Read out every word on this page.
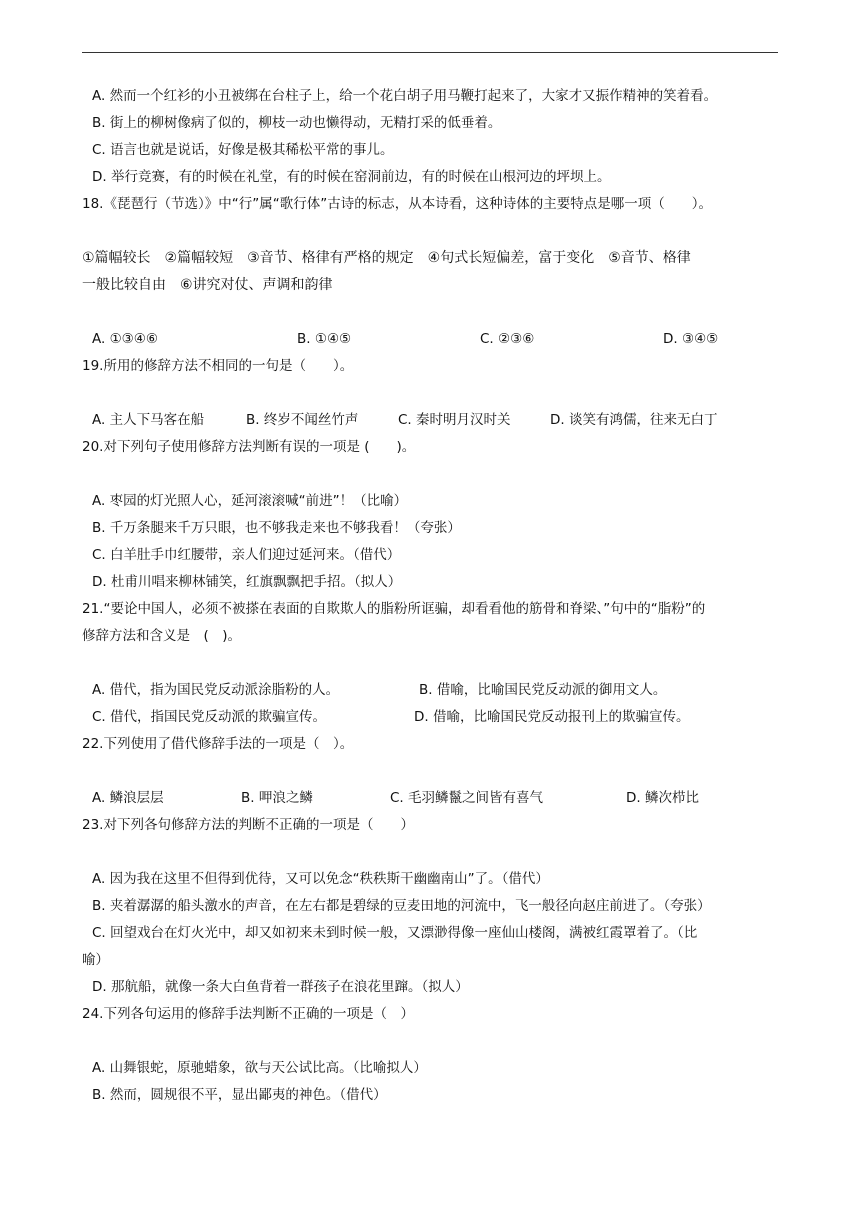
A. 然而一个红衫的小丑被绑在台柱子上，给一个花白胡子用马鞭打起来了，大家才又振作精神的笑着看。
B. 街上的柳树像病了似的，柳枝一动也懒得动，无精打采的低垂着。
C. 语言也就是说话，好像是极其稀松平常的事儿。
D. 举行竞赛，有的时候在礼堂，有的时候在窑洞前边，有的时候在山根河边的坪坝上。
18.《琵琶行（节选）》中“行”属“歌行体”古诗的标志，从本诗看，这种诗体的主要特点是哪一项（　　）。
①篇幅较长　②篇幅较短　③音节、格律有严格的规定　④句式长短偏差，富于变化　⑤音节、格律
一般比较自由　⑥讲究对仗、声调和韵律
A. ①③④⑥	B. ①④⑤	C. ②③⑥	D. ③④⑤
19.所用的修辞方法不相同的一句是（　　）。
A. 主人下马客在船	B. 终岁不闻丝竹声	C. 秦时明月汉时关	D. 谈笑有鸿儒，往来无白丁
20.对下列句子使用修辞方法判断有误的一项是 (　　)。
A. 枣园的灯光照人心，延河滚滚喊“前进”！（比喻）
B. 千万条腿来千万只眼，也不够我走来也不够我看！（夸张）
C. 白羊肚手巾红腰带，亲人们迎过延河来。（借代）
D. 杜甫川唱来柳林铺笑，红旗飘飘把手招。（拟人）
21.“要论中国人，必须不被搽在表面的自欺欺人的脂粉所诓骗，却看看他的筋骨和脊梁、”句中的“脂粉”的
修辞方法和含义是　(　)。
A. 借代，指为国民党反动派涂脂粉的人。	B. 借喻，比喻国民党反动派的御用文人。
C. 借代，指国民党反动派的欺骗宣传。	D. 借喻，比喻国民党反动报刊上的欺骗宣传。
22.下列使用了借代修辞手法的一项是（　）。
A. 鳞浪层层	B. 呷浪之鳞	C. 毛羽鳞鬣之间皆有喜气	D. 鳞次栉比
23.对下列各句修辞方法的判断不正确的一项是（　　）
A. 因为我在这里不但得到优待，又可以免念“秩秩斯干幽幽南山”了。（借代）
B. 夹着潺潺的船头激水的声音，在左右都是碧绿的豆麦田地的河流中，飞一般径向赵庄前进了。（夸张）
C. 回望戏台在灯火光中，却又如初来未到时候一般，又漂渺得像一座仙山楼阁，满被红霞罩着了。（比
喻）
D. 那航船，就像一条大白鱼背着一群孩子在浪花里蹿。（拟人）
24.下列各句运用的修辞手法判断不正确的一项是（　）
A. 山舞银蛇，原驰蜡象，欲与天公试比高。（比喻拟人）
B. 然而，圆规很不平，显出鄙夷的神色。（借代）
